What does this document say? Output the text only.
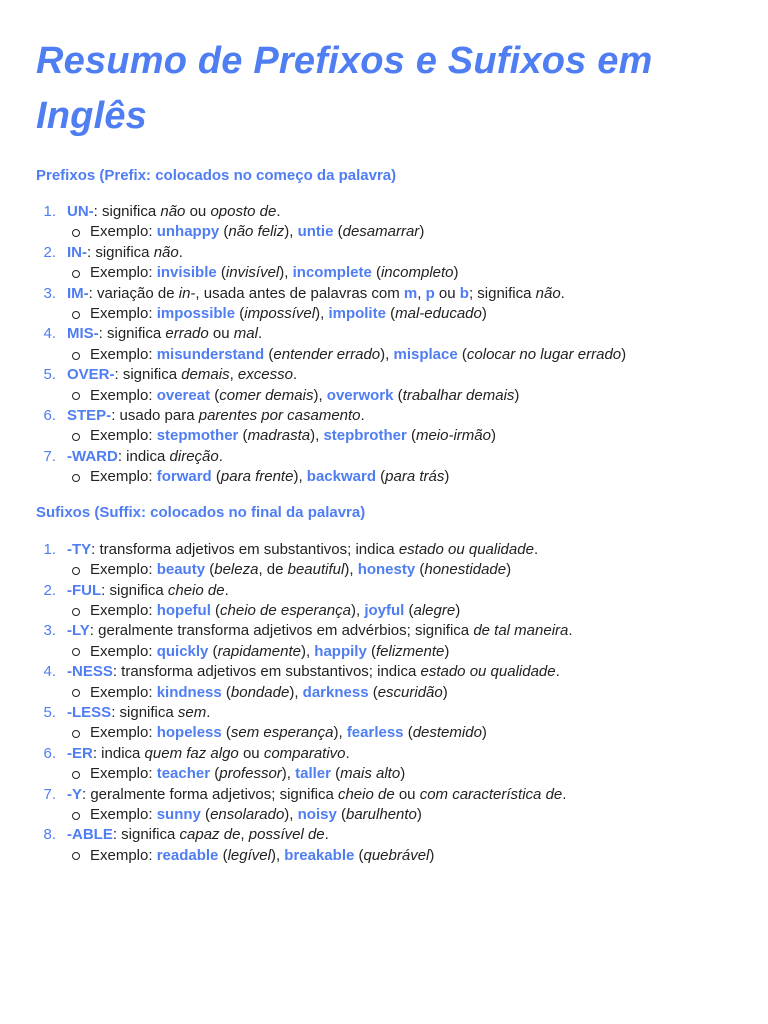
Resumo de Prefixos e Sufixos em Inglês
Prefixos (Prefix: colocados no começo da palavra)
1. UN-: significa não ou oposto de.
Exemplo: unhappy (não feliz), untie (desamarrar)
2. IN-: significa não.
Exemplo: invisible (invisível), incomplete (incompleto)
3. IM-: variação de in-, usada antes de palavras com m, p ou b; significa não.
Exemplo: impossible (impossível), impolite (mal-educado)
4. MIS-: significa errado ou mal.
Exemplo: misunderstand (entender errado), misplace (colocar no lugar errado)
5. OVER-: significa demais, excesso.
Exemplo: overeat (comer demais), overwork (trabalhar demais)
6. STEP-: usado para parentes por casamento.
Exemplo: stepmother (madrasta), stepbrother (meio-irmão)
7. -WARD: indica direção.
Exemplo: forward (para frente), backward (para trás)
Sufixos (Suffix: colocados no final da palavra)
1. -TY: transforma adjetivos em substantivos; indica estado ou qualidade.
Exemplo: beauty (beleza, de beautiful), honesty (honestidade)
2. -FUL: significa cheio de.
Exemplo: hopeful (cheio de esperança), joyful (alegre)
3. -LY: geralmente transforma adjetivos em advérbios; significa de tal maneira.
Exemplo: quickly (rapidamente), happily (felizmente)
4. -NESS: transforma adjetivos em substantivos; indica estado ou qualidade.
Exemplo: kindness (bondade), darkness (escuridão)
5. -LESS: significa sem.
Exemplo: hopeless (sem esperança), fearless (destemido)
6. -ER: indica quem faz algo ou comparativo.
Exemplo: teacher (professor), taller (mais alto)
7. -Y: geralmente forma adjetivos; significa cheio de ou com característica de.
Exemplo: sunny (ensolarado), noisy (barulhento)
8. -ABLE: significa capaz de, possível de.
Exemplo: readable (legível), breakable (quebrável)
